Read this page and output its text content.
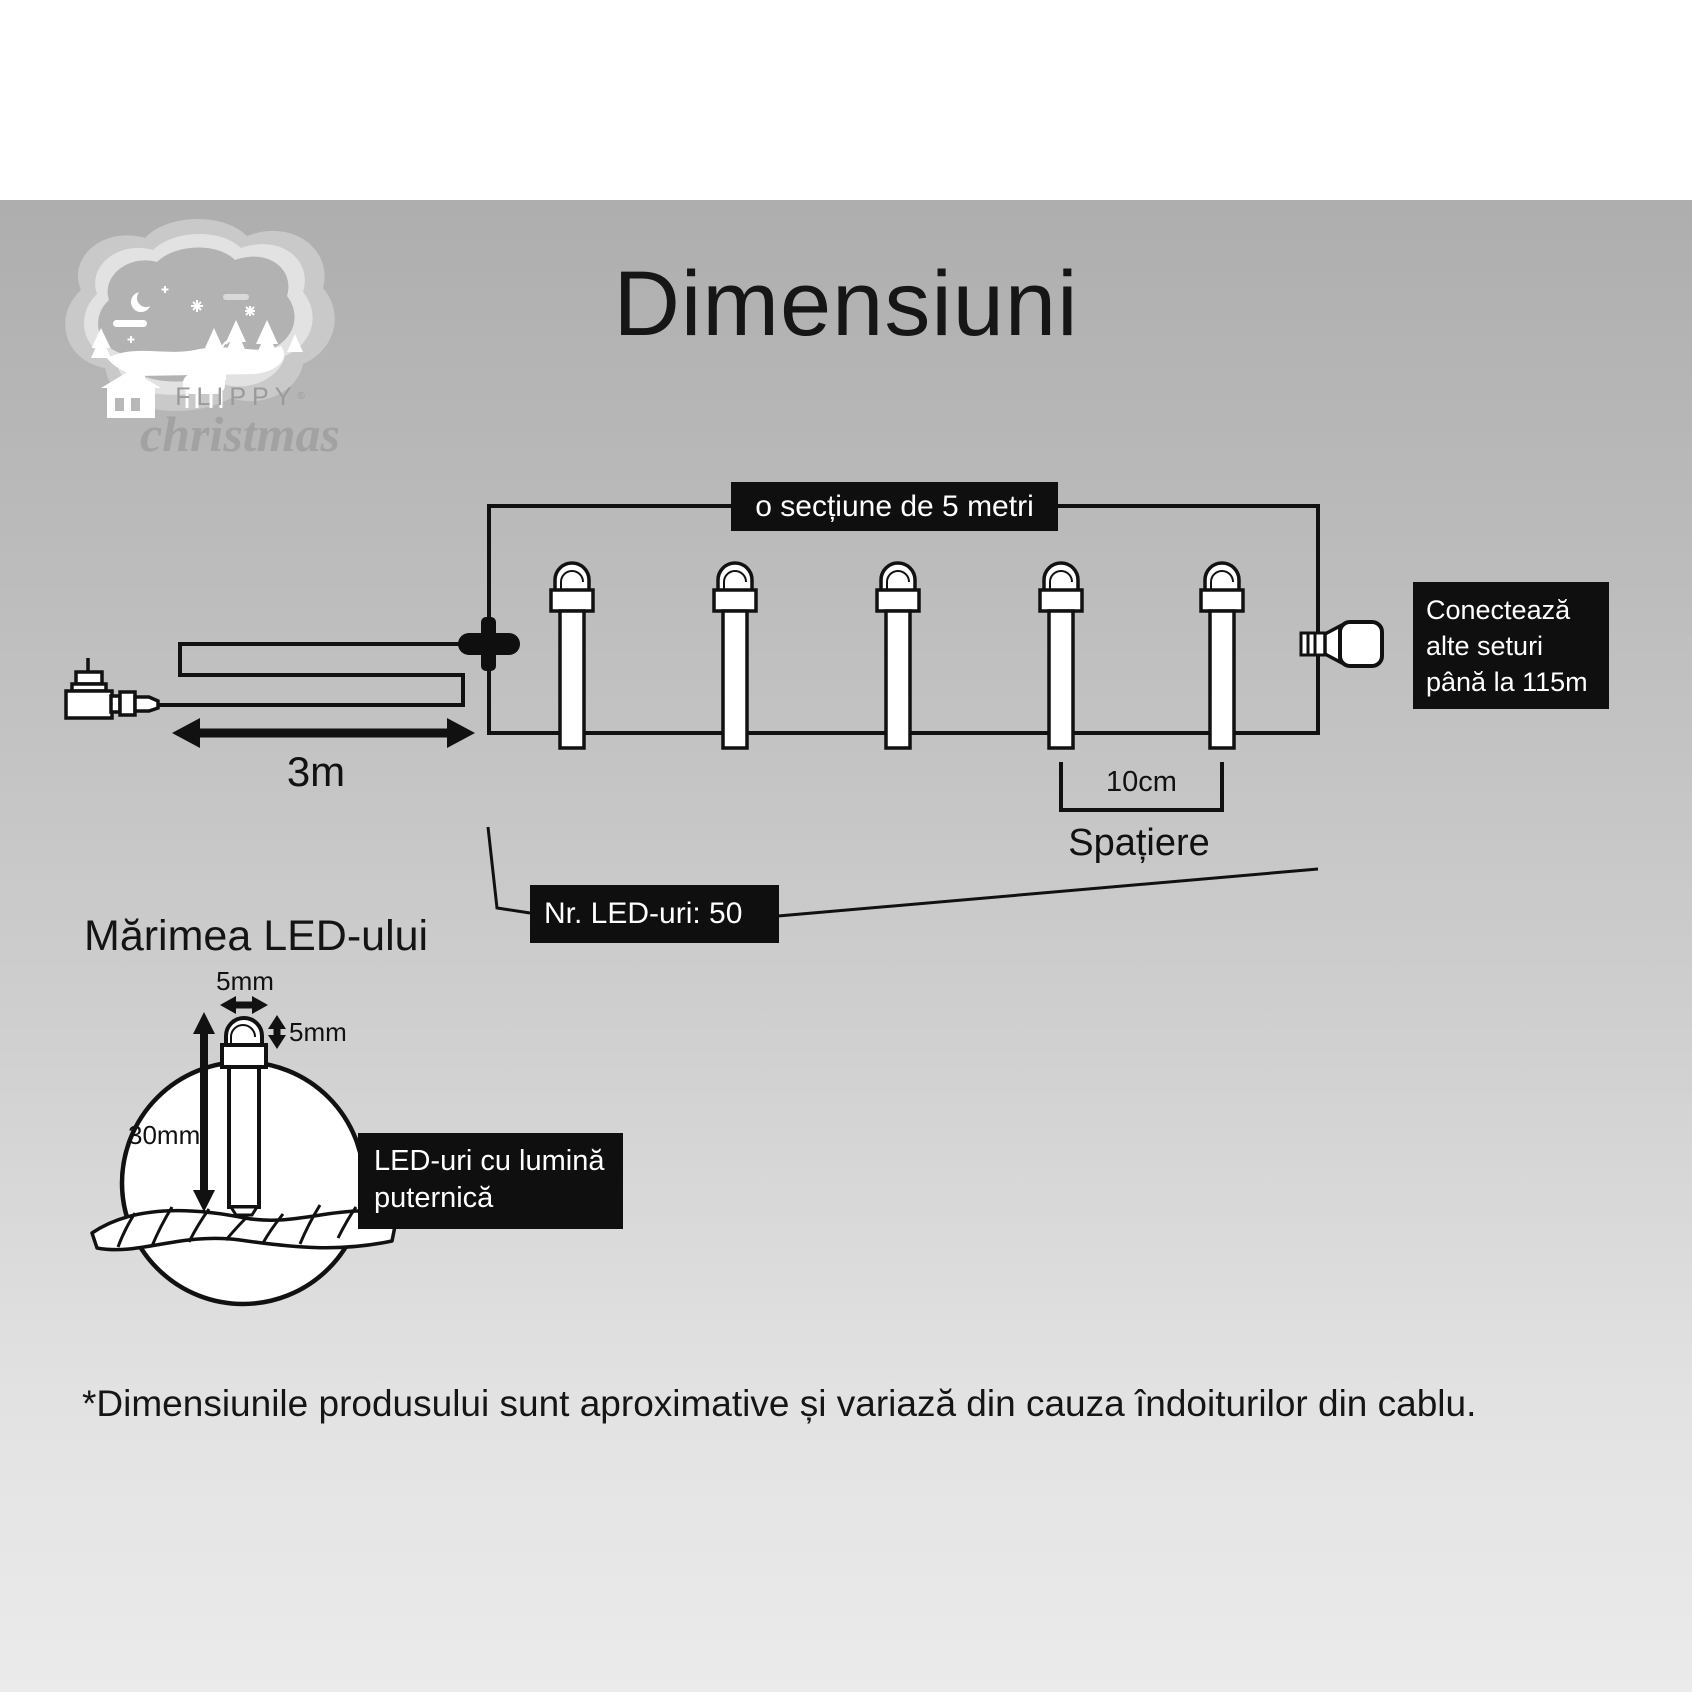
FLIPPY®
christmas
Dimensiuni
o secțiune de 5 metri
Conectează
alte seturi
până la 115m
Nr. LED-uri: 50
3m	10cm
Spațiere
Mărimea LED-ului
5mm
5mm
30mm
LED-uri cu lumină
puternică
*Dimensiunile produsului sunt aproximative și variază din cauza îndoiturilor din cablu.
